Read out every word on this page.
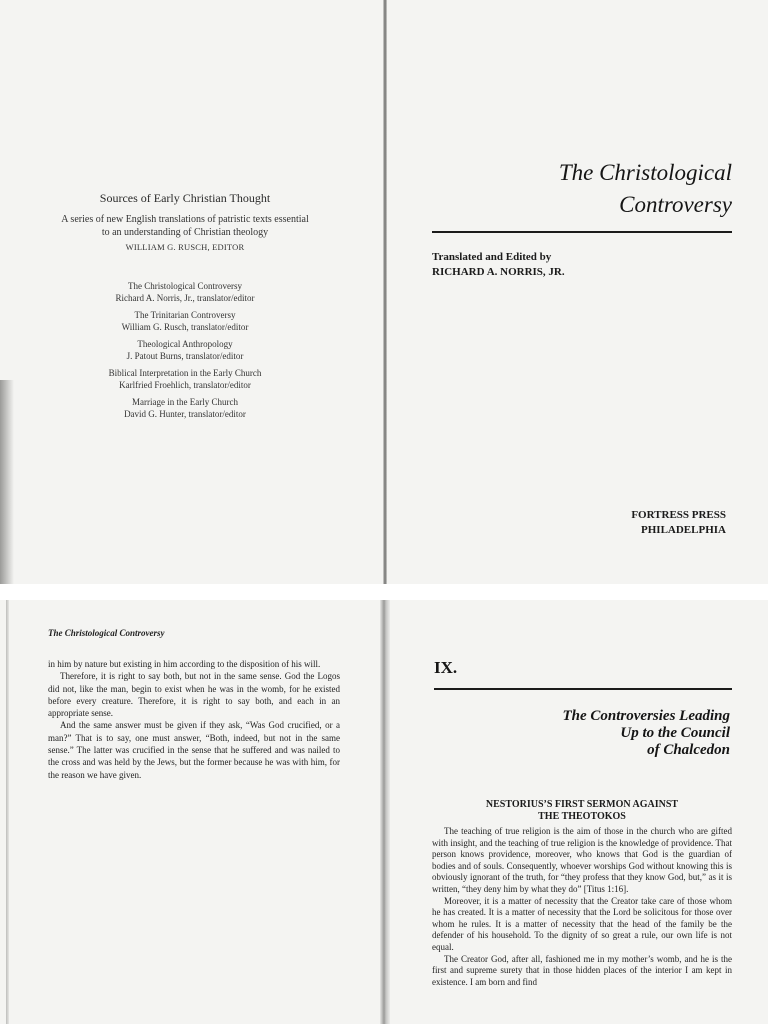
Sources of Early Christian Thought
A series of new English translations of patristic texts essential to an understanding of Christian theology
WILLIAM G. RUSCH, EDITOR
The Christological Controversy
Richard A. Norris, Jr., translator/editor
The Trinitarian Controversy
William G. Rusch, translator/editor
Theological Anthropology
J. Patout Burns, translator/editor
Biblical Interpretation in the Early Church
Karlfried Froehlich, translator/editor
Marriage in the Early Church
David G. Hunter, translator/editor
The Christological
Controversy
Translated and Edited by
RICHARD A. NORRIS, JR.
FORTRESS PRESS
PHILADELPHIA
The Christological Controversy

in him by nature but existing in him according to the disposition of his will.

Therefore, it is right to say both, but not in the same sense. God the Logos did not, like the man, begin to exist when he was in the womb, for he existed before every creature. Therefore, it is right to say both, and each in an appropriate sense.

And the same answer must be given if they ask, “Was God crucified, or a man?” That is to say, one must answer, “Both, indeed, but not in the same sense.” The latter was crucified in the sense that he suffered and was nailed to the cross and was held by the Jews, but the former because he was with him, for the reason we have given.

IX.
The Controversies Leading
Up to the Council
of Chalcedon
NESTORIUS’S FIRST SERMON AGAINST
THE THEOTOKOS

The teaching of true religion is the aim of those in the church who are gifted with insight, and the teaching of true religion is the knowledge of providence. That person knows providence, moreover, who knows that God is the guardian of bodies and of souls. Consequently, whoever worships God without knowing this is obviously ignorant of the truth, for “they profess that they know God, but,” as it is written, “they deny him by what they do” [Titus 1:16].

Moreover, it is a matter of necessity that the Creator take care of those whom he has created. It is a matter of necessity that the Lord be solicitous for those over whom he rules. It is a matter of necessity that the head of the family be the defender of his household. To the dignity of so great a rule, our own life is not equal.

The Creator God, after all, fashioned me in my mother’s womb, and he is the first and supreme surety that in those hidden places of the interior I am kept in existence. I am born and find
